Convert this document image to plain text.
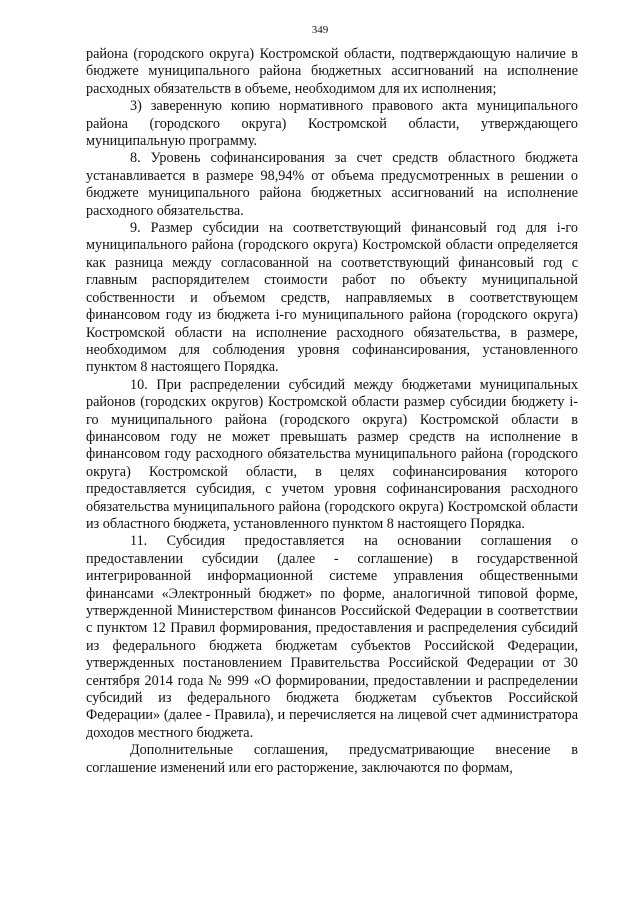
349

района (городского округа) Костромской области, подтверждающую наличие в бюджете муниципального района бюджетных ассигнований на исполнение расходных обязательств в объеме, необходимом для их исполнения;

3) заверенную копию нормативного правового акта муниципального района (городского округа) Костромской области, утверждающего муниципальную программу.

8. Уровень софинансирования за счет средств областного бюджета устанавливается в размере 98,94% от объема предусмотренных в решении о бюджете муниципального района бюджетных ассигнований на исполнение расходного обязательства.

9. Размер субсидии на соответствующий финансовый год для i-го муниципального района (городского округа) Костромской области определяется как разница между согласованной на соответствующий финансовый год с главным распорядителем стоимости работ по объекту муниципальной собственности и объемом средств, направляемых в соответствующем финансовом году из бюджета i-го муниципального района (городского округа) Костромской области на исполнение расходного обязательства, в размере, необходимом для соблюдения уровня софинансирования, установленного пунктом 8 настоящего Порядка.

10. При распределении субсидий между бюджетами муниципальных районов (городских округов) Костромской области размер субсидии бюджету i-го муниципального района (городского округа) Костромской области в финансовом году не может превышать размер средств на исполнение в финансовом году расходного обязательства муниципального района (городского округа) Костромской области, в целях софинансирования которого предоставляется субсидия, с учетом уровня софинансирования расходного обязательства муниципального района (городского округа) Костромской области из областного бюджета, установленного пунктом 8 настоящего Порядка.

11. Субсидия предоставляется на основании соглашения о предоставлении субсидии (далее - соглашение) в государственной интегрированной информационной системе управления общественными финансами «Электронный бюджет» по форме, аналогичной типовой форме, утвержденной Министерством финансов Российской Федерации в соответствии с пунктом 12 Правил формирования, предоставления и распределения субсидий из федерального бюджета бюджетам субъектов Российской Федерации, утвержденных постановлением Правительства Российской Федерации от 30 сентября 2014 года № 999 «О формировании, предоставлении и распределении субсидий из федерального бюджета бюджетам субъектов Российской Федерации» (далее - Правила), и перечисляется на лицевой счет администратора доходов местного бюджета.

Дополнительные соглашения, предусматривающие внесение в соглашение изменений или его расторжение, заключаются по формам,
